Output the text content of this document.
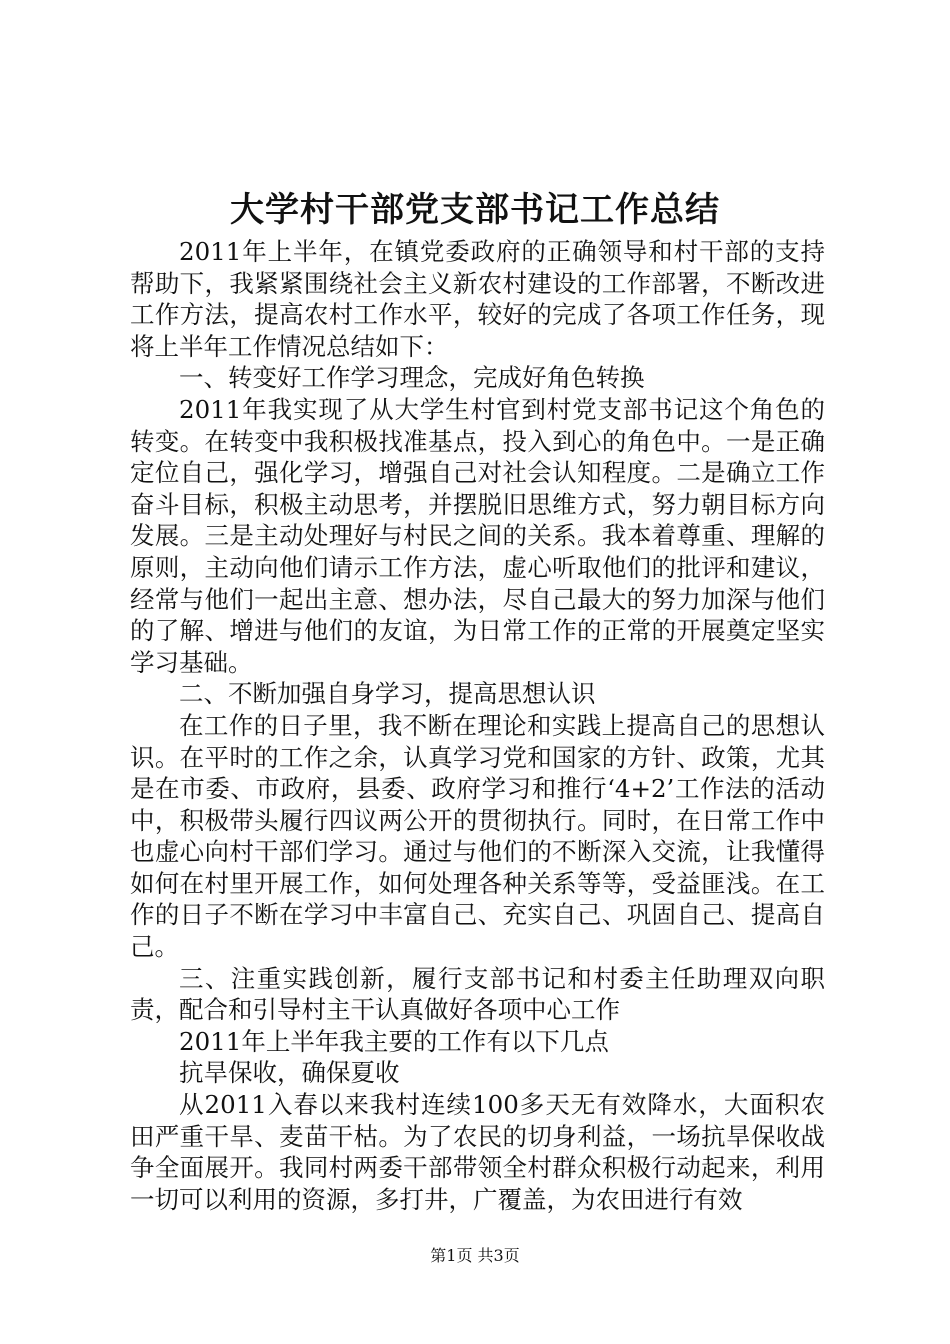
大学村干部党支部书记工作总结

2011年上半年，在镇党委政府的正确领导和村干部的支持帮助下，我紧紧围绕社会主义新农村建设的工作部署，不断改进工作方法，提高农村工作水平，较好的完成了各项工作任务，现将上半年工作情况总结如下：

一、转变好工作学习理念，完成好角色转换

2011年我实现了从大学生村官到村党支部书记这个角色的转变。在转变中我积极找准基点，投入到心的角色中。一是正确定位自己，强化学习，增强自己对社会认知程度。二是确立工作奋斗目标，积极主动思考，并摆脱旧思维方式，努力朝目标方向发展。三是主动处理好与村民之间的关系。我本着尊重、理解的原则，主动向他们请示工作方法，虚心听取他们的批评和建议，经常与他们一起出主意、想办法，尽自己最大的努力加深与他们的了解、增进与他们的友谊，为日常工作的正常的开展奠定坚实学习基础。

二、不断加强自身学习，提高思想认识

在工作的日子里，我不断在理论和实践上提高自己的思想认识。在平时的工作之余，认真学习党和国家的方针、政策，尤其是在市委、市政府，县委、政府学习和推行‘4+2’工作法的活动中，积极带头履行四议两公开的贯彻执行。同时，在日常工作中也虚心向村干部们学习。通过与他们的不断深入交流，让我懂得如何在村里开展工作，如何处理各种关系等等，受益匪浅。在工作的日子不断在学习中丰富自己、充实自己、巩固自己、提高自己。

三、注重实践创新，履行支部书记和村委主任助理双向职责，配合和引导村主干认真做好各项中心工作

2011年上半年我主要的工作有以下几点

抗旱保收，确保夏收

从2011入春以来我村连续100多天无有效降水，大面积农田严重干旱、麦苗干枯。为了农民的切身利益，一场抗旱保收战争全面展开。我同村两委干部带领全村群众积极行动起来，利用一切可以利用的资源，多打井，广覆盖，为农田进行有效

第1页 共3页
